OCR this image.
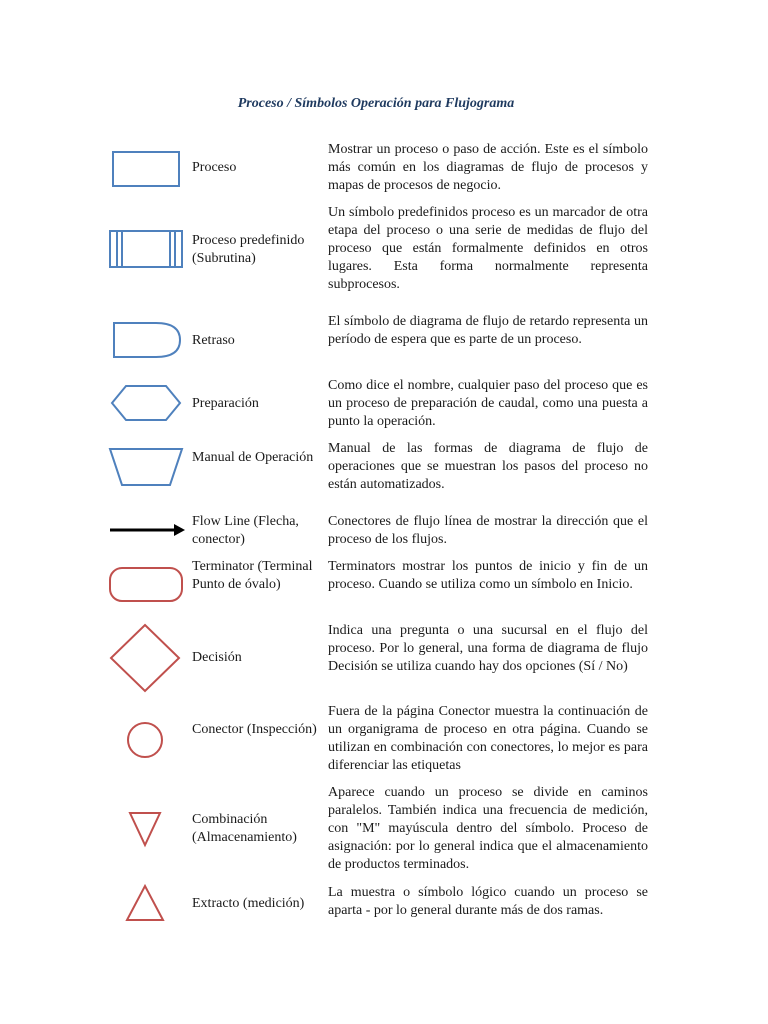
Proceso / Símbolos Operación para Flujograma
Proceso
Mostrar un proceso o paso de acción. Este es el símbolo más común en los diagramas de flujo de procesos y mapas de procesos de negocio.
Proceso predefinido (Subrutina)
Un símbolo predefinidos proceso es un marcador de otra etapa del proceso o una serie de medidas de flujo del proceso que están formalmente definidos en otros lugares. Esta forma normalmente representa subprocesos.
Retraso
El símbolo de diagrama de flujo de retardo representa un período de espera que es parte de un proceso.
Preparación
Como dice el nombre, cualquier paso del proceso que es un proceso de preparación de caudal, como una puesta a punto la operación.
Manual de Operación
Manual de las formas de diagrama de flujo de operaciones que se muestran los pasos del proceso no están automatizados.
Flow Line (Flecha, conector)
Conectores de flujo línea de mostrar la dirección que el proceso de los flujos.
Terminator (Terminal Punto de óvalo)
Terminators mostrar los puntos de inicio y fin de un proceso. Cuando se utiliza como un símbolo en Inicio.
Decisión
Indica una pregunta o una sucursal en el flujo del proceso. Por lo general, una forma de diagrama de flujo Decisión se utiliza cuando hay dos opciones (Sí / No)
Conector (Inspección)
Fuera de la página Conector muestra la continuación de un organigrama de proceso en otra página. Cuando se utilizan en combinación con conectores, lo mejor es para diferenciar las etiquetas
Combinación (Almacenamiento)
Aparece cuando un proceso se divide en caminos paralelos. También indica una frecuencia de medición, con "M" mayúscula dentro del símbolo. Proceso de asignación: por lo general indica que el almacenamiento de productos terminados.
Extracto (medición)
La muestra o símbolo lógico cuando un proceso se aparta - por lo general durante más de dos ramas.
